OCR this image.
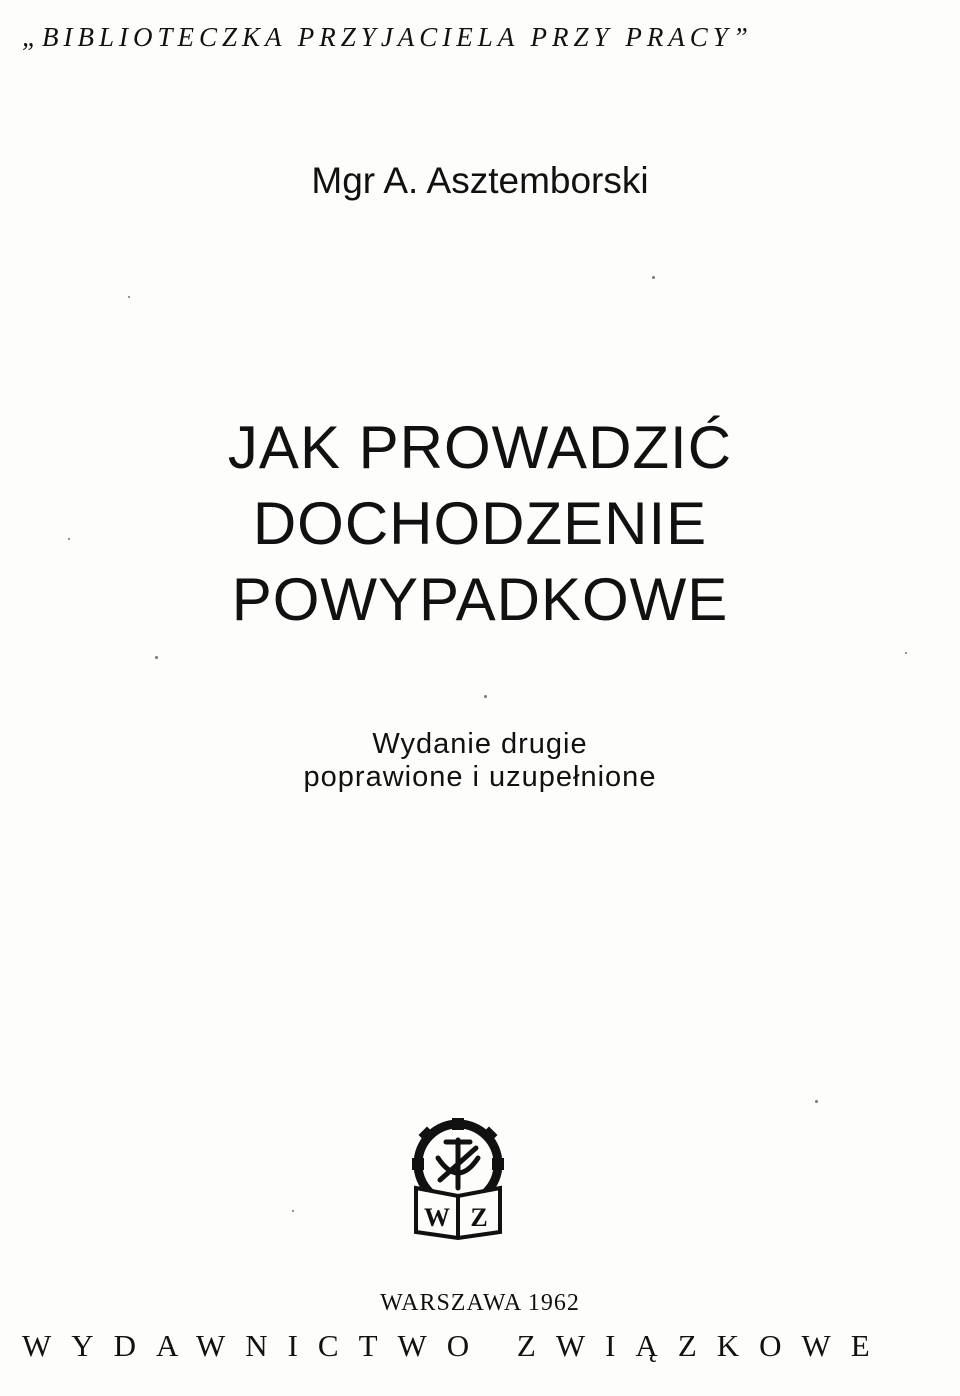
„BIBLIOTECZKA PRZYJACIELA PRZY PRACY”
Mgr A. Asztemborski
JAK PROWADZIĆ
DOCHODZENIE
POWYPADKOWE
Wydanie drugie
poprawione i uzupełnione
W Z
WARSZAWA 1962
WYDAWNICTWO ZWIĄZKOWE
